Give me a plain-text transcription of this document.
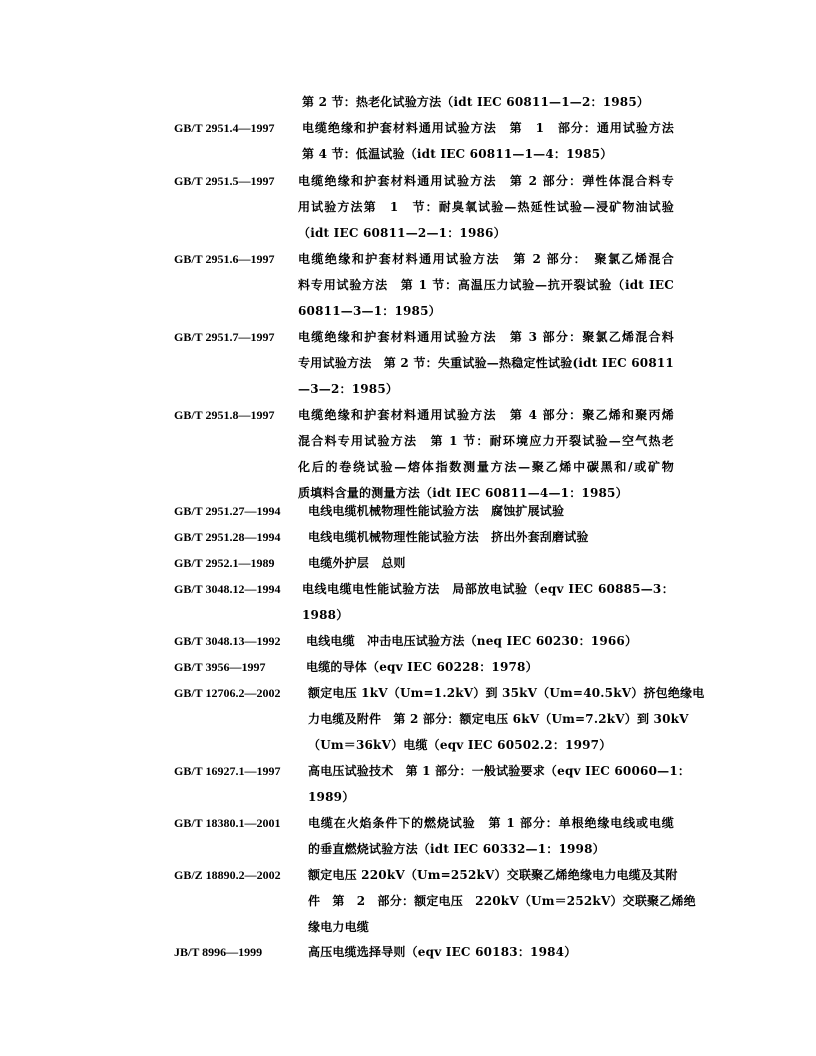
第 2 节：热老化试验方法（idt IEC 60811—1—2：1985）
GB/T 2951.4—1997 电缆绝缘和护套材料通用试验方法　第　1　部分：通用试验方法
第 4 节：低温试验（idt IEC 60811—1—4：1985）
GB/T 2951.5—1997 电缆绝缘和护套材料通用试验方法　第 2 部分：弹性体混合料专
用试验方法第　1　节：耐臭氧试验—热延性试验—浸矿物油试验
（idt IEC 60811—2—1：1986）
GB/T 2951.6—1997 电缆绝缘和护套材料通用试验方法　第 2 部分：　聚氯乙烯混合
料专用试验方法　第 1 节：高温压力试验—抗开裂试验（idt IEC
60811—3—1：1985）
GB/T 2951.7—1997 电缆绝缘和护套材料通用试验方法　第 3 部分：聚氯乙烯混合料
专用试验方法　第 2 节：失重试验—热稳定性试验(idt IEC 60811
—3—2：1985）
GB/T 2951.8—1997 电缆绝缘和护套材料通用试验方法　第 4 部分：聚乙烯和聚丙烯
混合料专用试验方法　第 1 节：耐环境应力开裂试验—空气热老
化后的卷绕试验—熔体指数测量方法—聚乙烯中碳黑和/或矿物
质填料含量的测量方法（idt IEC 60811—4—1：1985）
GB/T 2951.27—1994 电线电缆机械物理性能试验方法　腐蚀扩展试验
GB/T 2951.28—1994 电线电缆机械物理性能试验方法　挤出外套刮磨试验
GB/T 2952.1—1989	电缆外护层　总则
GB/T 3048.12—1994 电线电缆电性能试验方法　局部放电试验（eqv IEC 60885—3：
1988）
GB/T 3048.13—1992 电线电缆　冲击电压试验方法（neq IEC 60230：1966）
GB/T 3956—1997	电缆的导体（eqv IEC 60228：1978）
GB/T 12706.2—2002 额定电压 1kV（Um=1.2kV）到 35kV（Um=40.5kV）挤包绝缘电
力电缆及附件　第 2 部分：额定电压 6kV（Um=7.2kV）到 30kV
（Um＝36kV）电缆（eqv IEC 60502.2：1997）
GB/T 16927.1—1997 高电压试验技术　第 1 部分：一般试验要求（eqv IEC 60060—1：
1989）
GB/T 18380.1—2001 电缆在火焰条件下的燃烧试验　第 1 部分：单根绝缘电线或电缆
的垂直燃烧试验方法（idt IEC 60332—1：1998）
GB/Z 18890.2—2002 额定电压 220kV（Um=252kV）交联聚乙烯绝缘电力电缆及其附
件　第　2　部分：额定电压　220kV（Um＝252kV）交联聚乙烯绝
缘电力电缆
JB/T 8996—1999	高压电缆选择导则（eqv IEC 60183：1984）
